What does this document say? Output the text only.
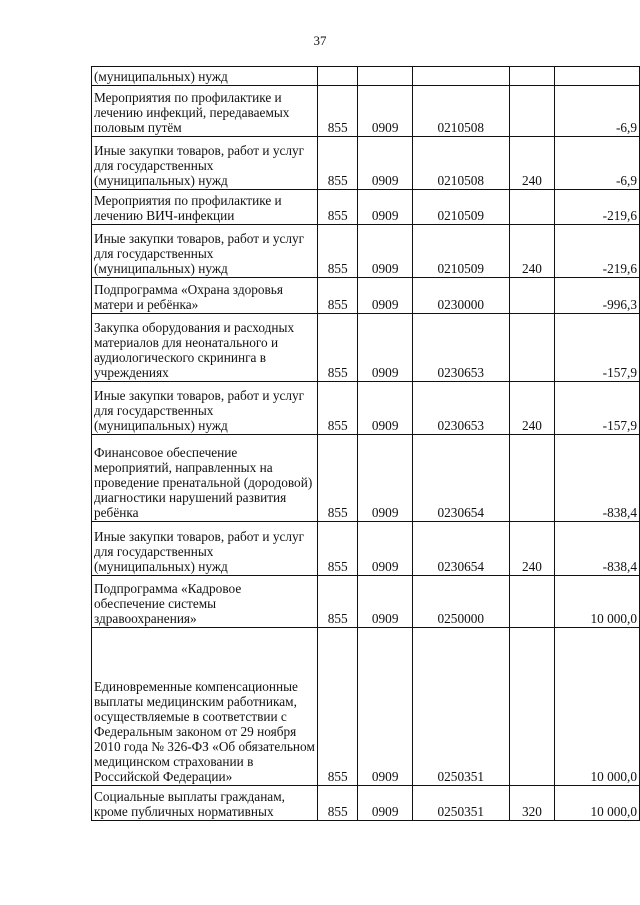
37
(муниципальных) нужд					
Мероприятия по профилактике и лечению инфекций, передаваемых половым путём	855	0909	0210508		-6,9
Иные закупки товаров, работ и услуг для государственных (муниципальных) нужд	855	0909	0210508	240	-6,9
Мероприятия по профилактике и лечению ВИЧ-инфекции	855	0909	0210509		-219,6
Иные закупки товаров, работ и услуг для государственных (муниципальных) нужд	855	0909	0210509	240	-219,6
Подпрограмма «Охрана здоровья матери и ребёнка»	855	0909	0230000		-996,3
Закупка оборудования и расходных материалов для неонатального и аудиологического скрининга в учреждениях	855	0909	0230653		-157,9
Иные закупки товаров, работ и услуг для государственных (муниципальных) нужд	855	0909	0230653	240	-157,9
Финансовое обеспечение мероприятий, направленных на проведение пренатальной (дородовой) диагностики нарушений развития ребёнка	855	0909	0230654		-838,4
Иные закупки товаров, работ и услуг для государственных (муниципальных) нужд	855	0909	0230654	240	-838,4
Подпрограмма «Кадровое обеспечение системы здравоохранения»	855	0909	0250000		10 000,0
Единовременные компенсационные выплаты медицинским работникам, осуществляемые в соответствии с Федеральным законом от 29 ноября 2010 года № 326-ФЗ «Об обязательном медицинском страховании в Российской Федерации»	855	0909	0250351		10 000,0
Социальные выплаты гражданам, кроме публичных нормативных	855	0909	0250351	320	10 000,0
